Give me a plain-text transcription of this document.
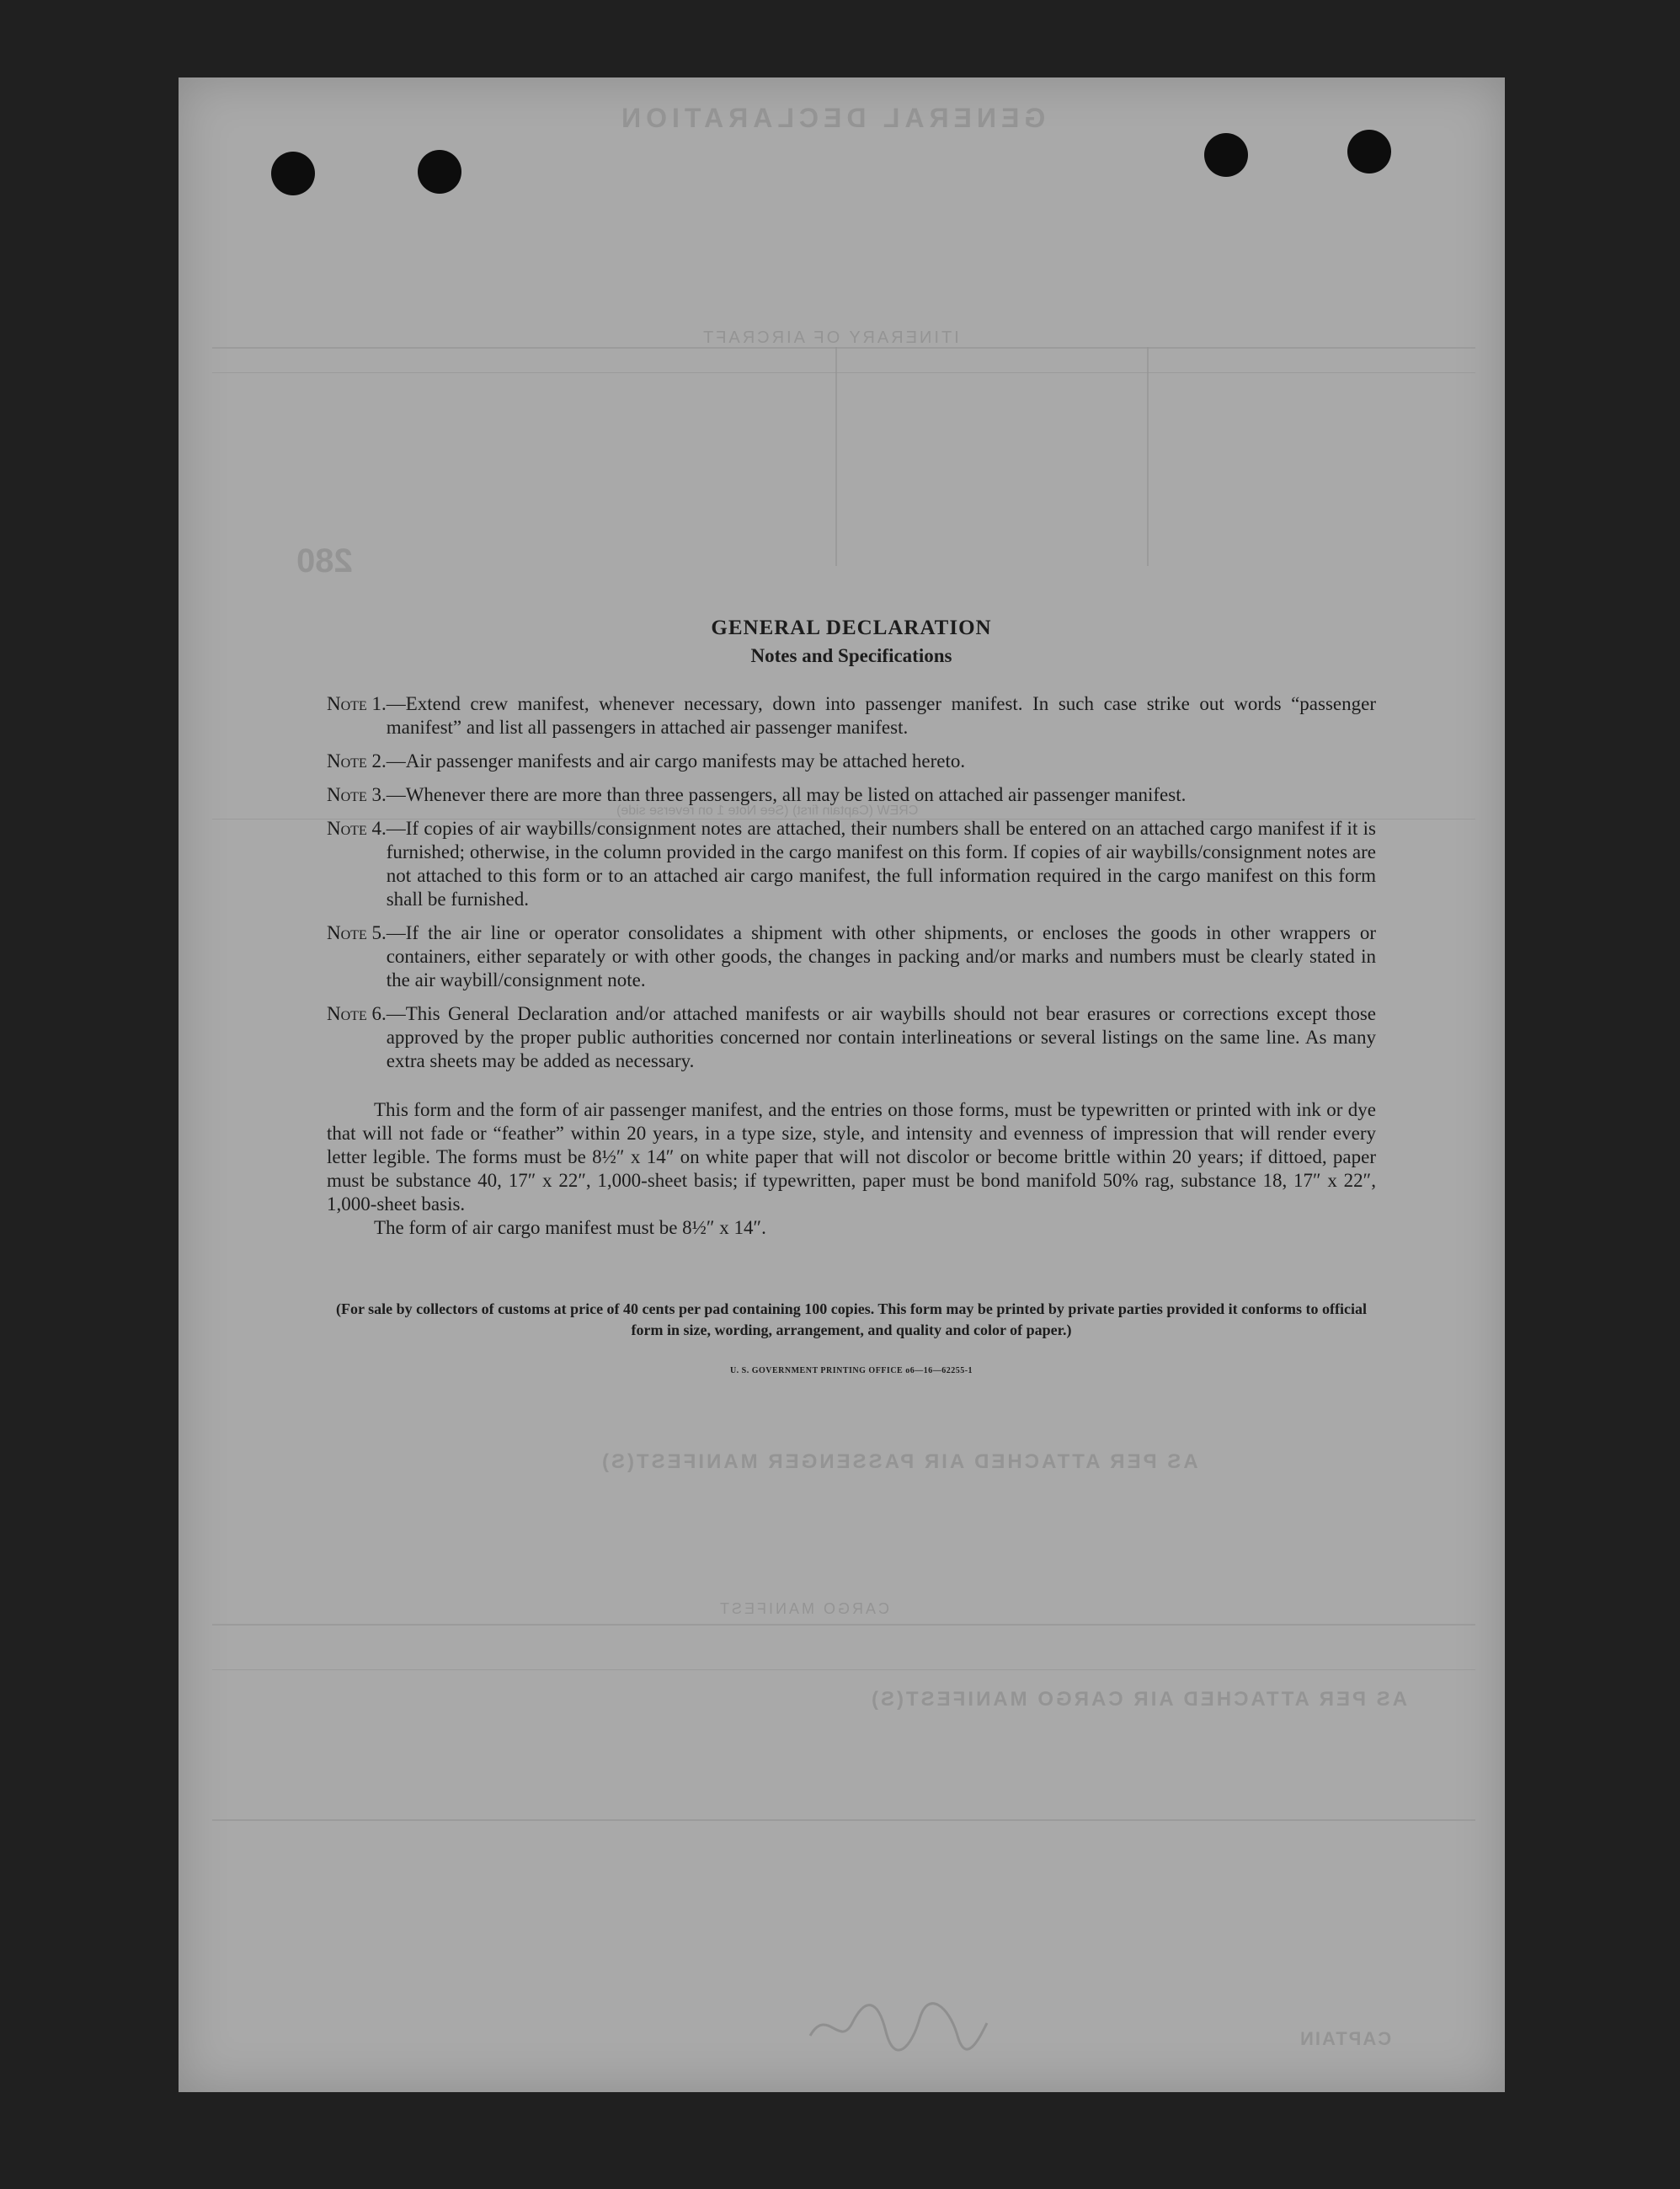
GENERAL DECLARATION
ITINERARY OF AIRCRAFT
280
CREW (Captain first) (See Note 1 on reverse side)
AS PER ATTACHED AIR PASSENGER MANIFEST(S)
CARGO MANIFEST
AS PER ATTACHED AIR CARGO MANIFEST(S)
CAPTAIN
GENERAL DECLARATION
Notes and Specifications
Note 1. —Extend crew manifest, whenever necessary, down into passenger manifest. In such case strike out words “passenger manifest” and list all passengers in attached air passenger manifest.
Note 2. —Air passenger manifests and air cargo manifests may be attached hereto.
Note 3. —Whenever there are more than three passengers, all may be listed on attached air passenger manifest.
Note 4. —If copies of air waybills/consignment notes are attached, their numbers shall be entered on an attached cargo manifest if it is furnished; otherwise, in the column provided in the cargo manifest on this form. If copies of air waybills/consignment notes are not attached to this form or to an attached air cargo manifest, the full information required in the cargo manifest on this form shall be furnished.
Note 5. —If the air line or operator consolidates a shipment with other shipments, or encloses the goods in other wrappers or containers, either separately or with other goods, the changes in packing and/or marks and numbers must be clearly stated in the air waybill/consignment note.
Note 6. —This General Declaration and/or attached manifests or air waybills should not bear erasures or corrections except those approved by the proper public authorities concerned nor contain interlineations or several listings on the same line. As many extra sheets may be added as necessary.
This form and the form of air passenger manifest, and the entries on those forms, must be typewritten or printed with ink or dye that will not fade or “feather” within 20 years, in a type size, style, and intensity and evenness of impression that will render every letter legible. The forms must be 8½″ x 14″ on white paper that will not discolor or become brittle within 20 years; if dittoed, paper must be substance 40, 17″ x 22″, 1,000-sheet basis; if typewritten, paper must be bond manifold 50% rag, substance 18, 17″ x 22″, 1,000-sheet basis.
The form of air cargo manifest must be 8½″ x 14″.
(For sale by collectors of customs at price of 40 cents per pad containing 100 copies. This form may be printed by private parties provided it conforms to official form in size, wording, arrangement, and quality and color of paper.)
U. S. GOVERNMENT PRINTING OFFICE o6—16—62255-1
